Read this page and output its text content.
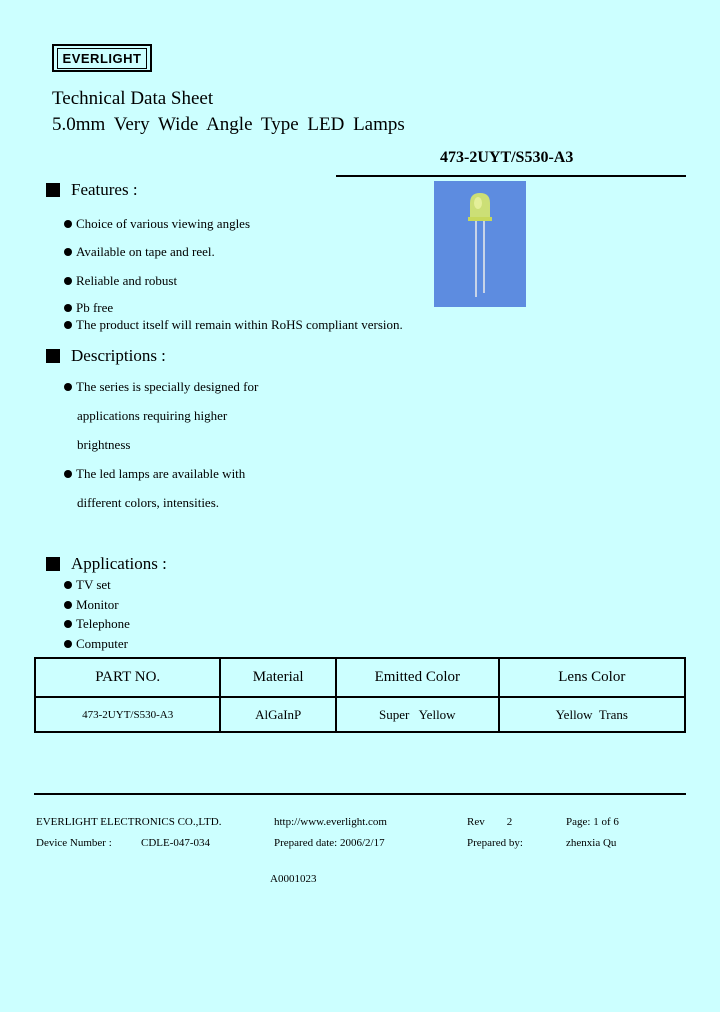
EVERLIGHT
Technical Data Sheet
5.0mm Very Wide Angle Type LED Lamps
473-2UYT/S530-A3
Features :
Choice of various viewing angles
Available on tape and reel.
Reliable and robust
Pb free
The product itself will remain within RoHS compliant version.
Descriptions :
The series is specially designed for
applications requiring higher
brightness
The led lamps are available with
different colors, intensities.
Applications :
TV set
Monitor
Telephone
Computer
PART NO.	Material	Emitted Color	Lens Color
473-2UYT/S530-A3	AlGaInP	Super   Yellow	Yellow  Trans
EVERLIGHT ELECTRONICS CO.,LTD.	http://www.everlight.com	Rev 2	Page: 1 of 6
Device Number :	CDLE-047-034	Prepared date: 2006/2/17	Prepared by:	zhenxia Qu
A0001023
